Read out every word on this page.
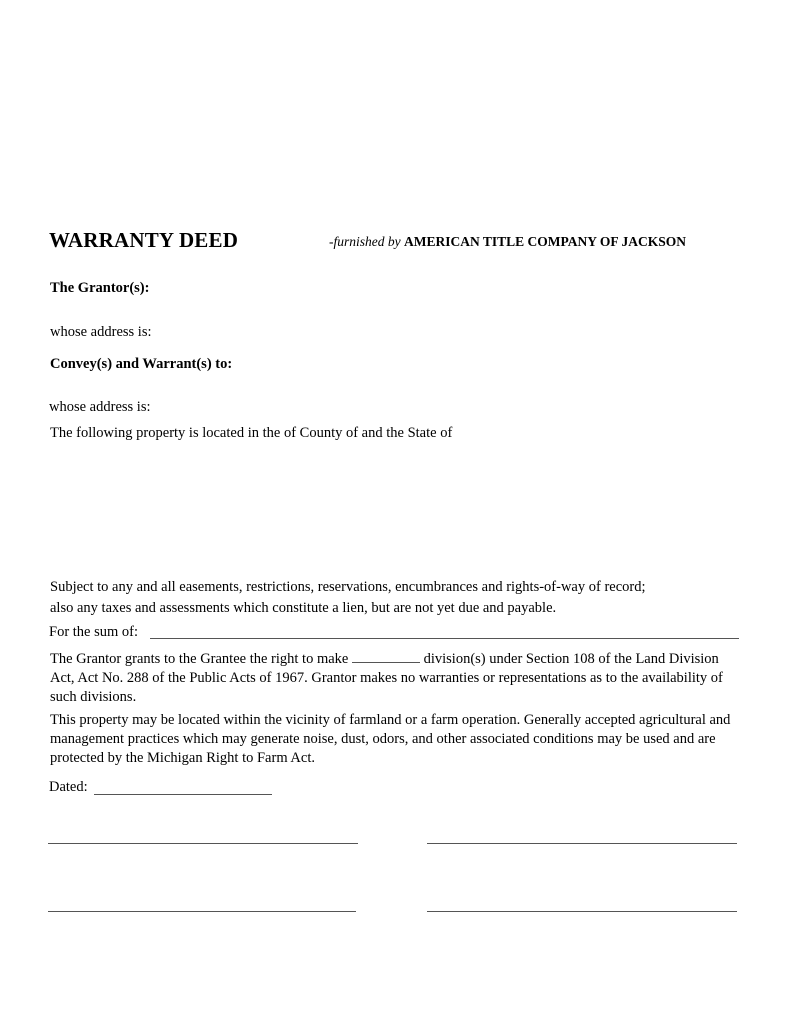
WARRANTY DEED	-furnished by AMERICAN TITLE COMPANY OF JACKSON
The Grantor(s):
whose address is:
Convey(s) and Warrant(s) to:
whose address is:
The following property is located in the of County of and the State of
Subject to any and all easements, restrictions, reservations, encumbrances and rights-of-way of record;
also any taxes and assessments which constitute a lien, but are not yet due and payable.
For the sum of:
The Grantor grants to the Grantee the right to make	division(s) under Section 108 of the Land Division Act, Act No. 288 of the Public Acts of 1967. Grantor makes no warranties or representations as to the availability of such divisions.
This property may be located within the vicinity of farmland or a farm operation. Generally accepted agricultural and management practices which may generate noise, dust, odors, and other associated conditions may be used and are protected by the Michigan Right to Farm Act.
Dated:
